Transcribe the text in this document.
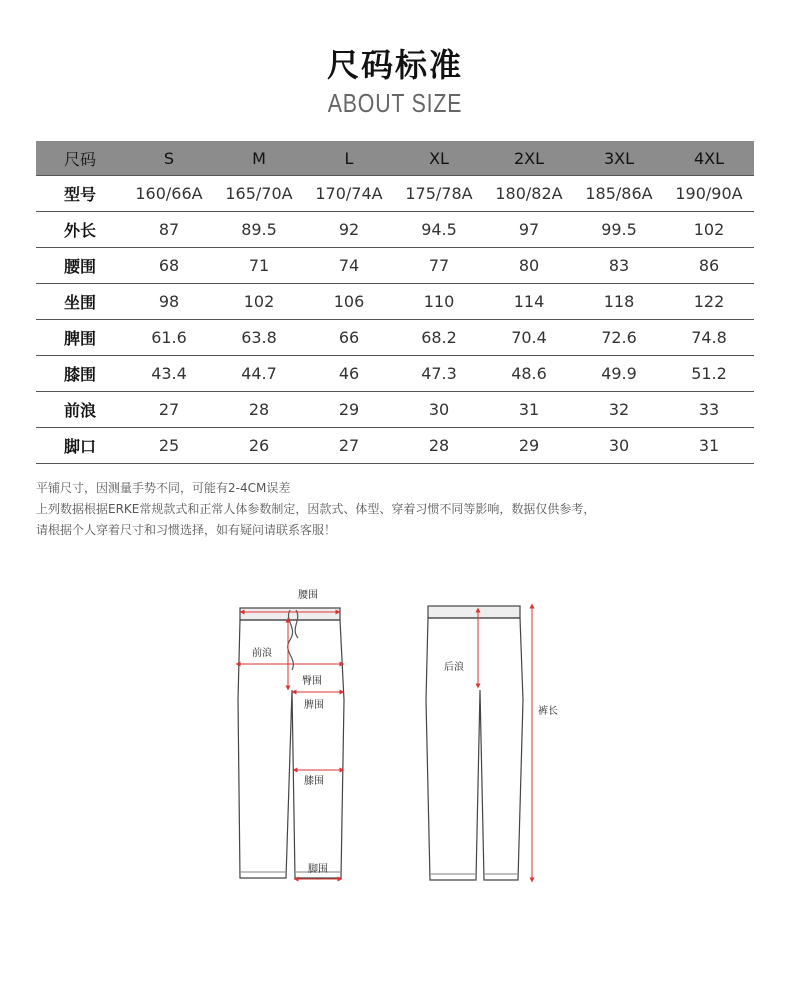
尺码标准
ABOUT SIZE
尺码	S	M	L	XL	2XL	3XL	4XL
型号	160/66A	165/70A	170/74A	175/78A	180/82A	185/86A	190/90A
外长	87	89.5	92	94.5	97	99.5	102
腰围	68	71	74	77	80	83	86
坐围	98	102	106	110	114	118	122
脾围	61.6	63.8	66	68.2	70.4	72.6	74.8
膝围	43.4	44.7	46	47.3	48.6	49.9	51.2
前浪	27	28	29	30	31	32	33
脚口	25	26	27	28	29	30	31
平铺尺寸，因测量手势不同，可能有2-4CM误差
上列数据根据ERKE常规款式和正常人体参数制定，因款式、体型、穿着习惯不同等影响，数据仅供参考，
请根据个人穿着尺寸和习惯选择，如有疑问请联系客服！
腰围
前浪
臀围
脾围
膝围
脚围
后浪
裤长
